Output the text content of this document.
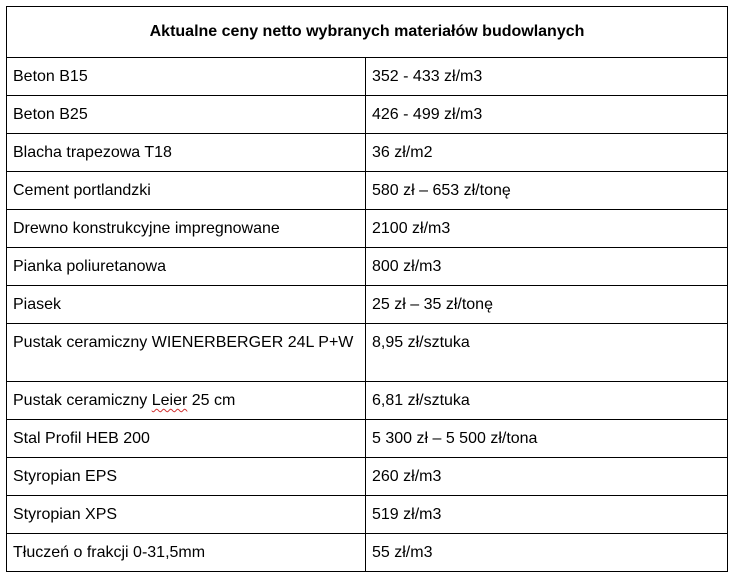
Aktualne ceny netto wybranych materiałów budowlanych	
Beton B15	352 - 433 zł/m3
Beton B25	426 - 499 zł/m3
Blacha trapezowa T18	36 zł/m2
Cement portlandzki	580 zł – 653 zł/tonę
Drewno konstrukcyjne impregnowane	2100 zł/m3
Pianka poliuretanowa	800 zł/m3
Piasek	25 zł – 35 zł/tonę
Pustak ceramiczny WIENERBERGER 24L P+W	8,95 zł/sztuka
Pustak ceramiczny Leier 25 cm	6,81 zł/sztuka
Stal Profil HEB 200	5 300 zł – 5 500 zł/tona
Styropian EPS	260 zł/m3
Styropian XPS	519 zł/m3
Tłuczeń o frakcji 0-31,5mm	55 zł/m3
